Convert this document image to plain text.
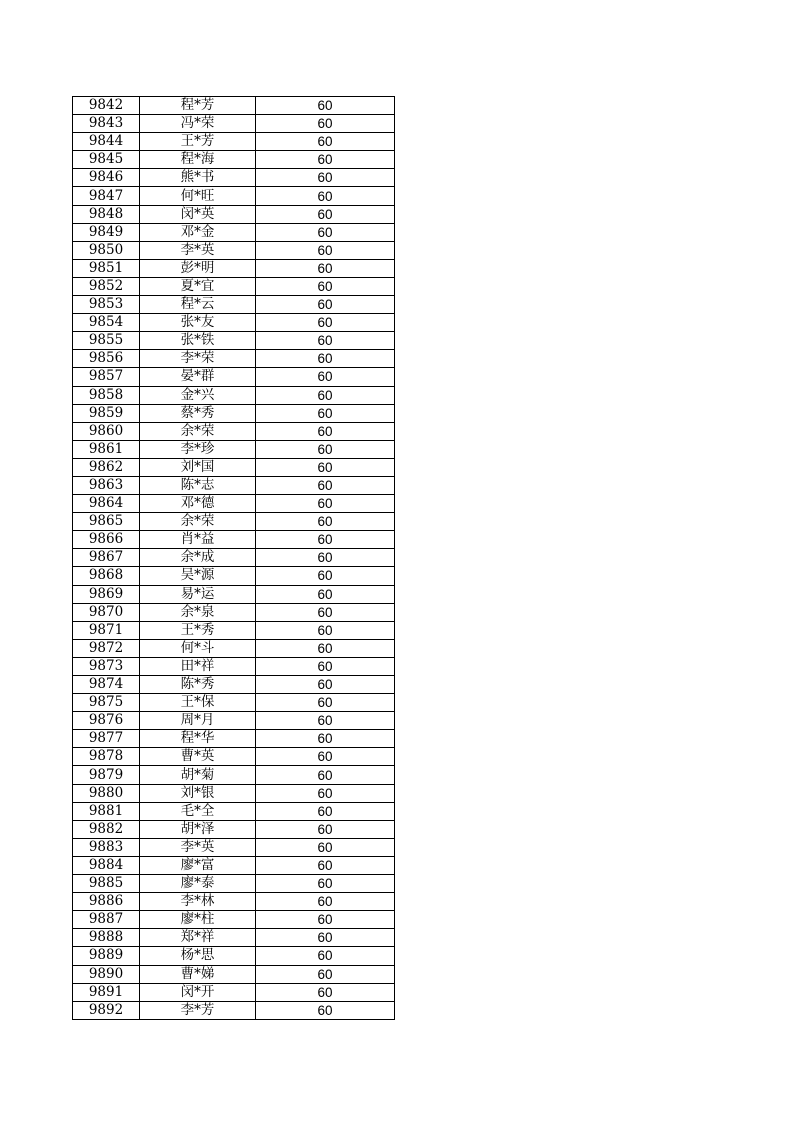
9842	程*芳	60
9843	冯*荣	60
9844	王*芳	60
9845	程*海	60
9846	熊*书	60
9847	何*旺	60
9848	闵*英	60
9849	邓*金	60
9850	李*英	60
9851	彭*明	60
9852	夏*宜	60
9853	程*云	60
9854	张*友	60
9855	张*铁	60
9856	李*荣	60
9857	晏*群	60
9858	金*兴	60
9859	蔡*秀	60
9860	余*荣	60
9861	李*珍	60
9862	刘*国	60
9863	陈*志	60
9864	邓*德	60
9865	余*荣	60
9866	肖*益	60
9867	余*成	60
9868	吴*源	60
9869	易*运	60
9870	余*泉	60
9871	王*秀	60
9872	何*斗	60
9873	田*祥	60
9874	陈*秀	60
9875	王*保	60
9876	周*月	60
9877	程*华	60
9878	曹*英	60
9879	胡*菊	60
9880	刘*银	60
9881	毛*全	60
9882	胡*泽	60
9883	李*英	60
9884	廖*富	60
9885	廖*泰	60
9886	李*林	60
9887	廖*柱	60
9888	郑*祥	60
9889	杨*思	60
9890	曹*娣	60
9891	闵*开	60
9892	李*芳	60
